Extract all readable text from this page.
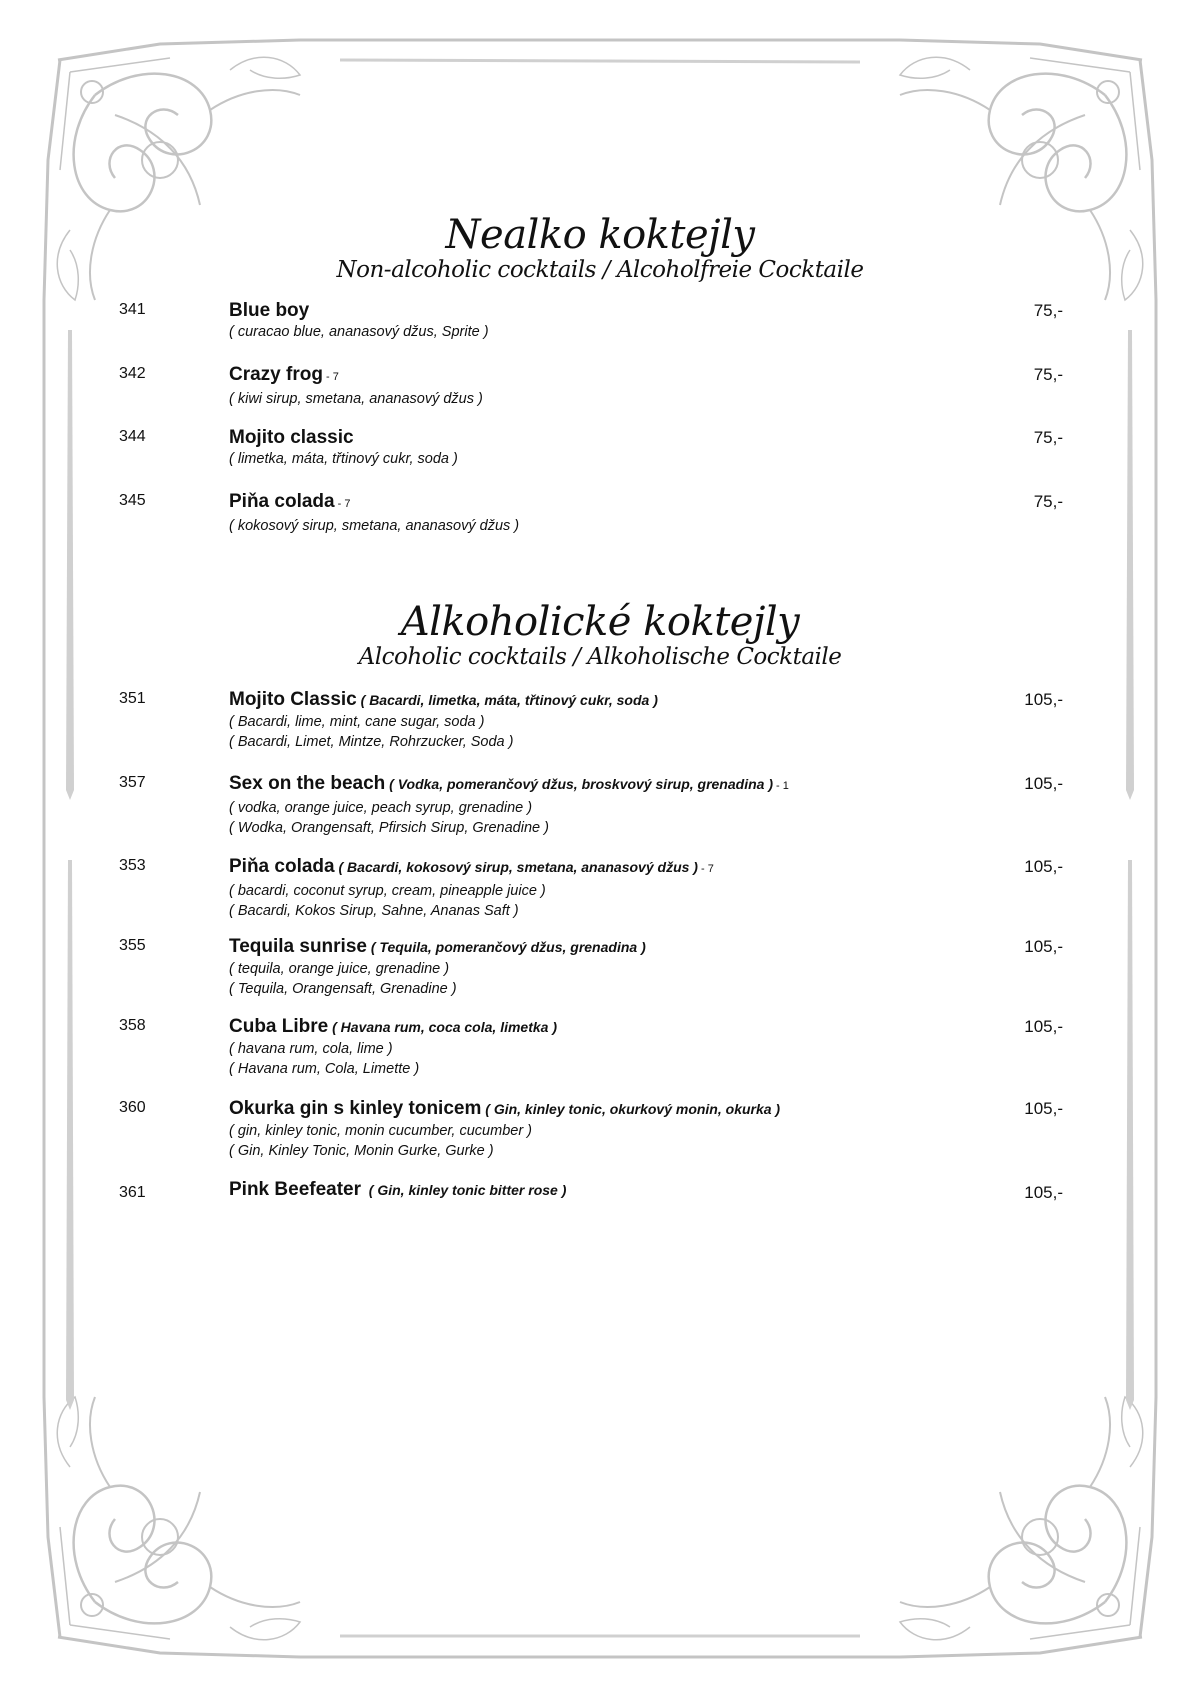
Nealko koktejly

Non-alcoholic cocktails / Alcoholfreie Cocktaile

341	Blue boy
( curacao blue, ananasový džus, Sprite )
75,-
342	Crazy frog - 7
( kiwi sirup, smetana, ananasový džus )
75,-
344	Mojito classic
( limetka, máta, třtinový cukr, soda )
75,-
345	Piňa colada - 7
( kokosový sirup, smetana, ananasový džus )
75,-

Alkoholické koktejly

Alcoholic cocktails / Alkoholische Cocktaile

351	Mojito Classic ( Bacardi, limetka, máta, třtinový cukr, soda )
( Bacardi, lime, mint, cane sugar, soda )
( Bacardi, Limet, Mintze, Rohrzucker, Soda )
105,-
357	Sex on the beach ( Vodka, pomerančový džus, broskvový sirup, grenadina ) - 1
( vodka, orange juice, peach syrup, grenadine )
( Wodka, Orangensaft, Pfirsich Sirup, Grenadine )
105,-
353	Piňa colada ( Bacardi, kokosový sirup, smetana, ananasový džus ) - 7
( bacardi, coconut syrup, cream, pineapple juice )
( Bacardi, Kokos Sirup, Sahne, Ananas Saft )
105,-
355	Tequila sunrise ( Tequila, pomerančový džus, grenadina )
( tequila, orange juice, grenadine )
( Tequila, Orangensaft, Grenadine )
105,-
358	Cuba Libre ( Havana rum, coca cola, limetka )
( havana rum, cola, lime )
( Havana rum, Cola, Limette )
105,-
360	Okurka gin s kinley tonicem ( Gin, kinley tonic, okurkový monin, okurka )
( gin, kinley tonic, monin cucumber, cucumber )
( Gin, Kinley Tonic, Monin Gurke, Gurke )
105,-
361	Pink Beefeater  ( Gin, kinley tonic bitter rose )	105,-
